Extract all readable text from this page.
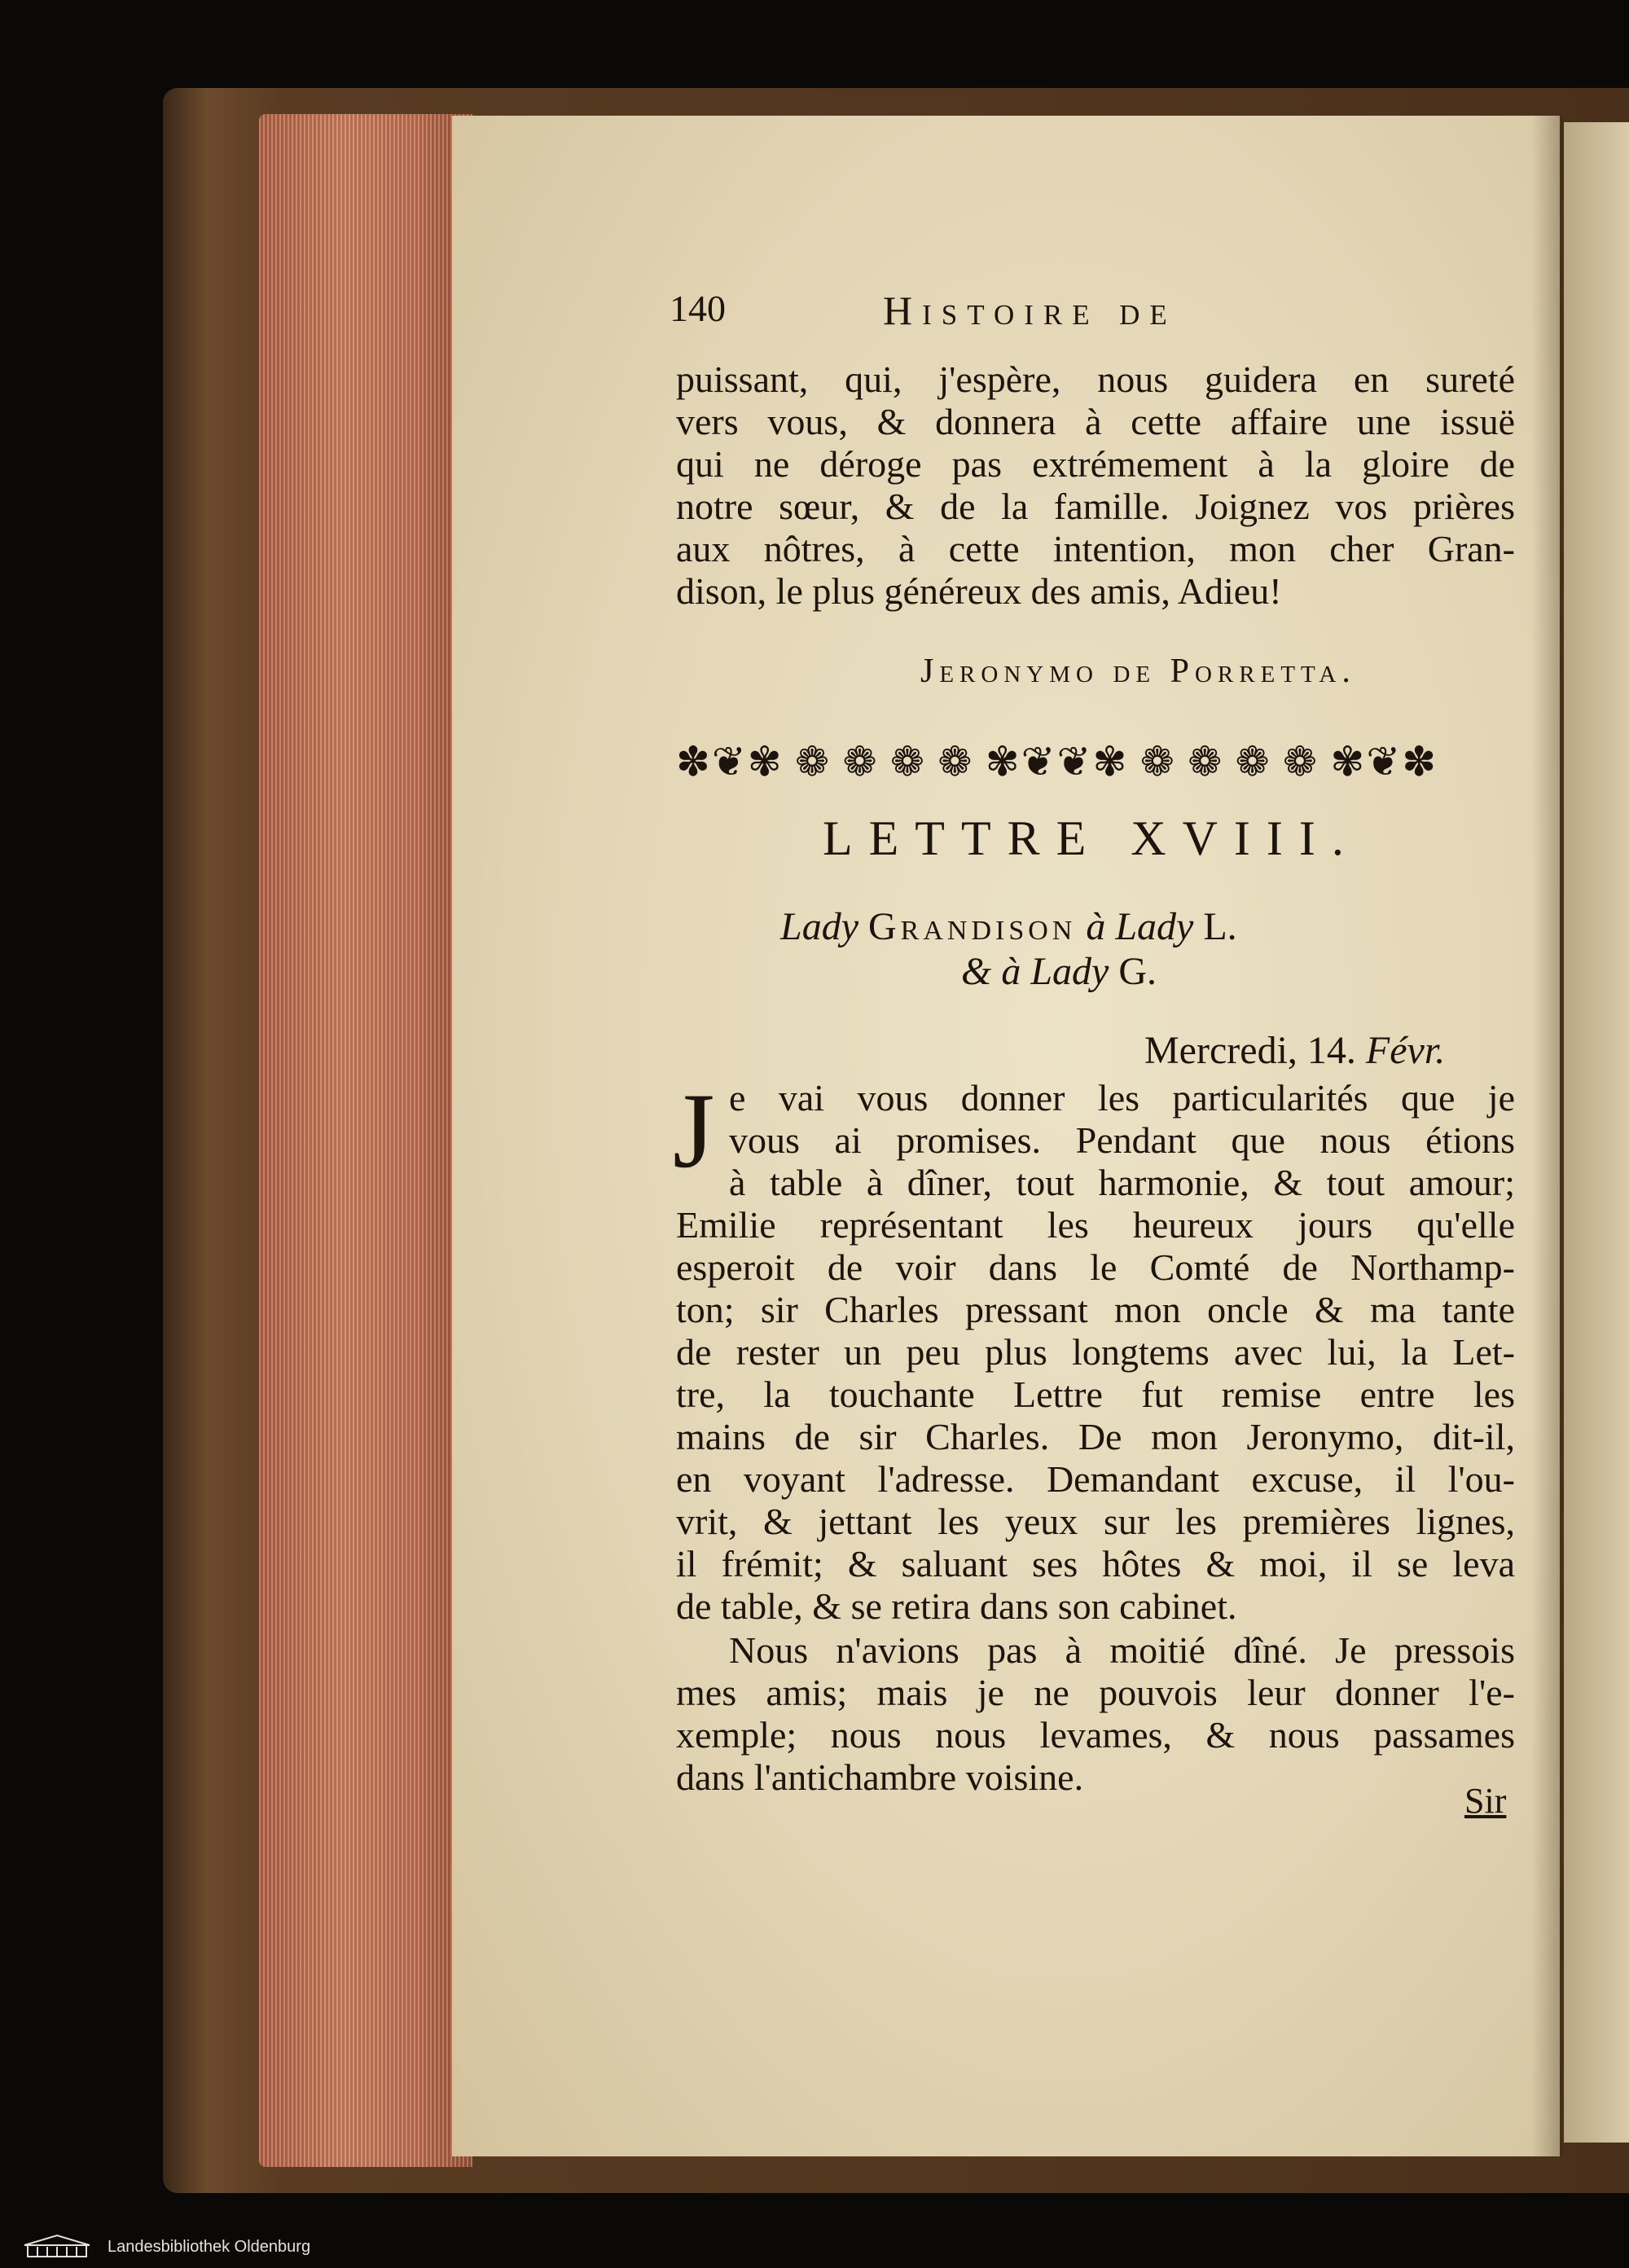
140	Histoire de
puissant, qui, j'espère, nous guidera en sureté
vers vous, & donnera à cette affaire une issuë
qui ne déroge pas extrémement à la gloire de
notre sœur, & de la famille. Joignez vos prières
aux nôtres, à cette intention, mon cher Gran-
dison, le plus généreux des amis, Adieu!
Jeronymo de Porretta.
✽❦✾ ❁ ❁ ❁ ❁ ✾❦❦✾ ❁ ❁ ❁ ❁ ✾❦✽
LETTRE XVIII.
Lady Grandison à Lady L.
& à Lady G.
Mercredi, 14. Févr.
J e vai vous donner les particularités que je
vous ai promises. Pendant que nous étions
à table à dîner, tout harmonie, & tout amour;
Emilie représentant les heureux jours qu'elle
esperoit de voir dans le Comté de Northamp-
ton; sir Charles pressant mon oncle & ma tante
de rester un peu plus longtems avec lui, la Let-
tre, la touchante Lettre fut remise entre les
mains de sir Charles. De mon Jeronymo, dit-il,
en voyant l'adresse. Demandant excuse, il l'ou-
vrit, & jettant les yeux sur les premières lignes,
il frémit; & saluant ses hôtes & moi, il se leva
de table, & se retira dans son cabinet.
Nous n'avions pas à moitié dîné. Je pressois
mes amis; mais je ne pouvois leur donner l'e-
xemple; nous nous levames, & nous passames
dans l'antichambre voisine.
Sir
Landesbibliothek Oldenburg
